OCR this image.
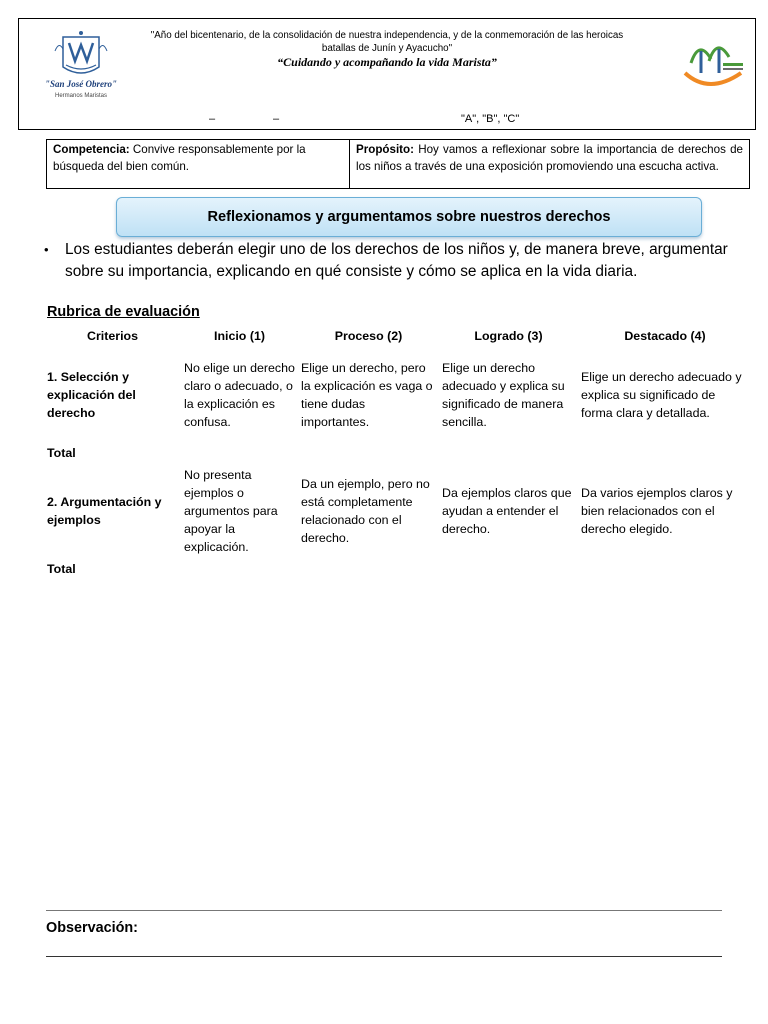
"San José Obrero"
Hermanos Maristas
"Año del bicentenario, de la consolidación de nuestra independencia, y de la conmemoración de las heroicas batallas de Junín y Ayacucho"
“Cuidando y acompañando la vida Marista”
–	–	"A", "B", "C"
Competencia: Convive responsablemente por la búsqueda del bien común.
Propósito: Hoy vamos a reflexionar sobre la importancia de derechos de los niños a través de una exposición promoviendo una escucha activa.
Reflexionamos y argumentamos sobre nuestros derechos
•	Los estudiantes deberán elegir uno de los derechos de los niños y, de manera breve, argumentar sobre su importancia, explicando en qué consiste y cómo se aplica en la vida diaria.
Rubrica de evaluación
Criterios	Inicio (1)	Proceso (2)	Logrado (3)	Destacado (4)
1. Selección y explicación del derecho	No elige un derecho claro o adecuado, o la explicación es confusa.	Elige un derecho, pero la explicación es vaga o tiene dudas importantes.	Elige un derecho adecuado y explica su significado de manera sencilla.	Elige un derecho adecuado y explica su significado de forma clara y detallada.
Total				
2. Argumentación y ejemplos	No presenta ejemplos o argumentos para apoyar la explicación.	Da un ejemplo, pero no está completamente relacionado con el derecho.	Da ejemplos claros que ayudan a entender el derecho.	Da varios ejemplos claros y bien relacionados con el derecho elegido.
Total				
Observación:
